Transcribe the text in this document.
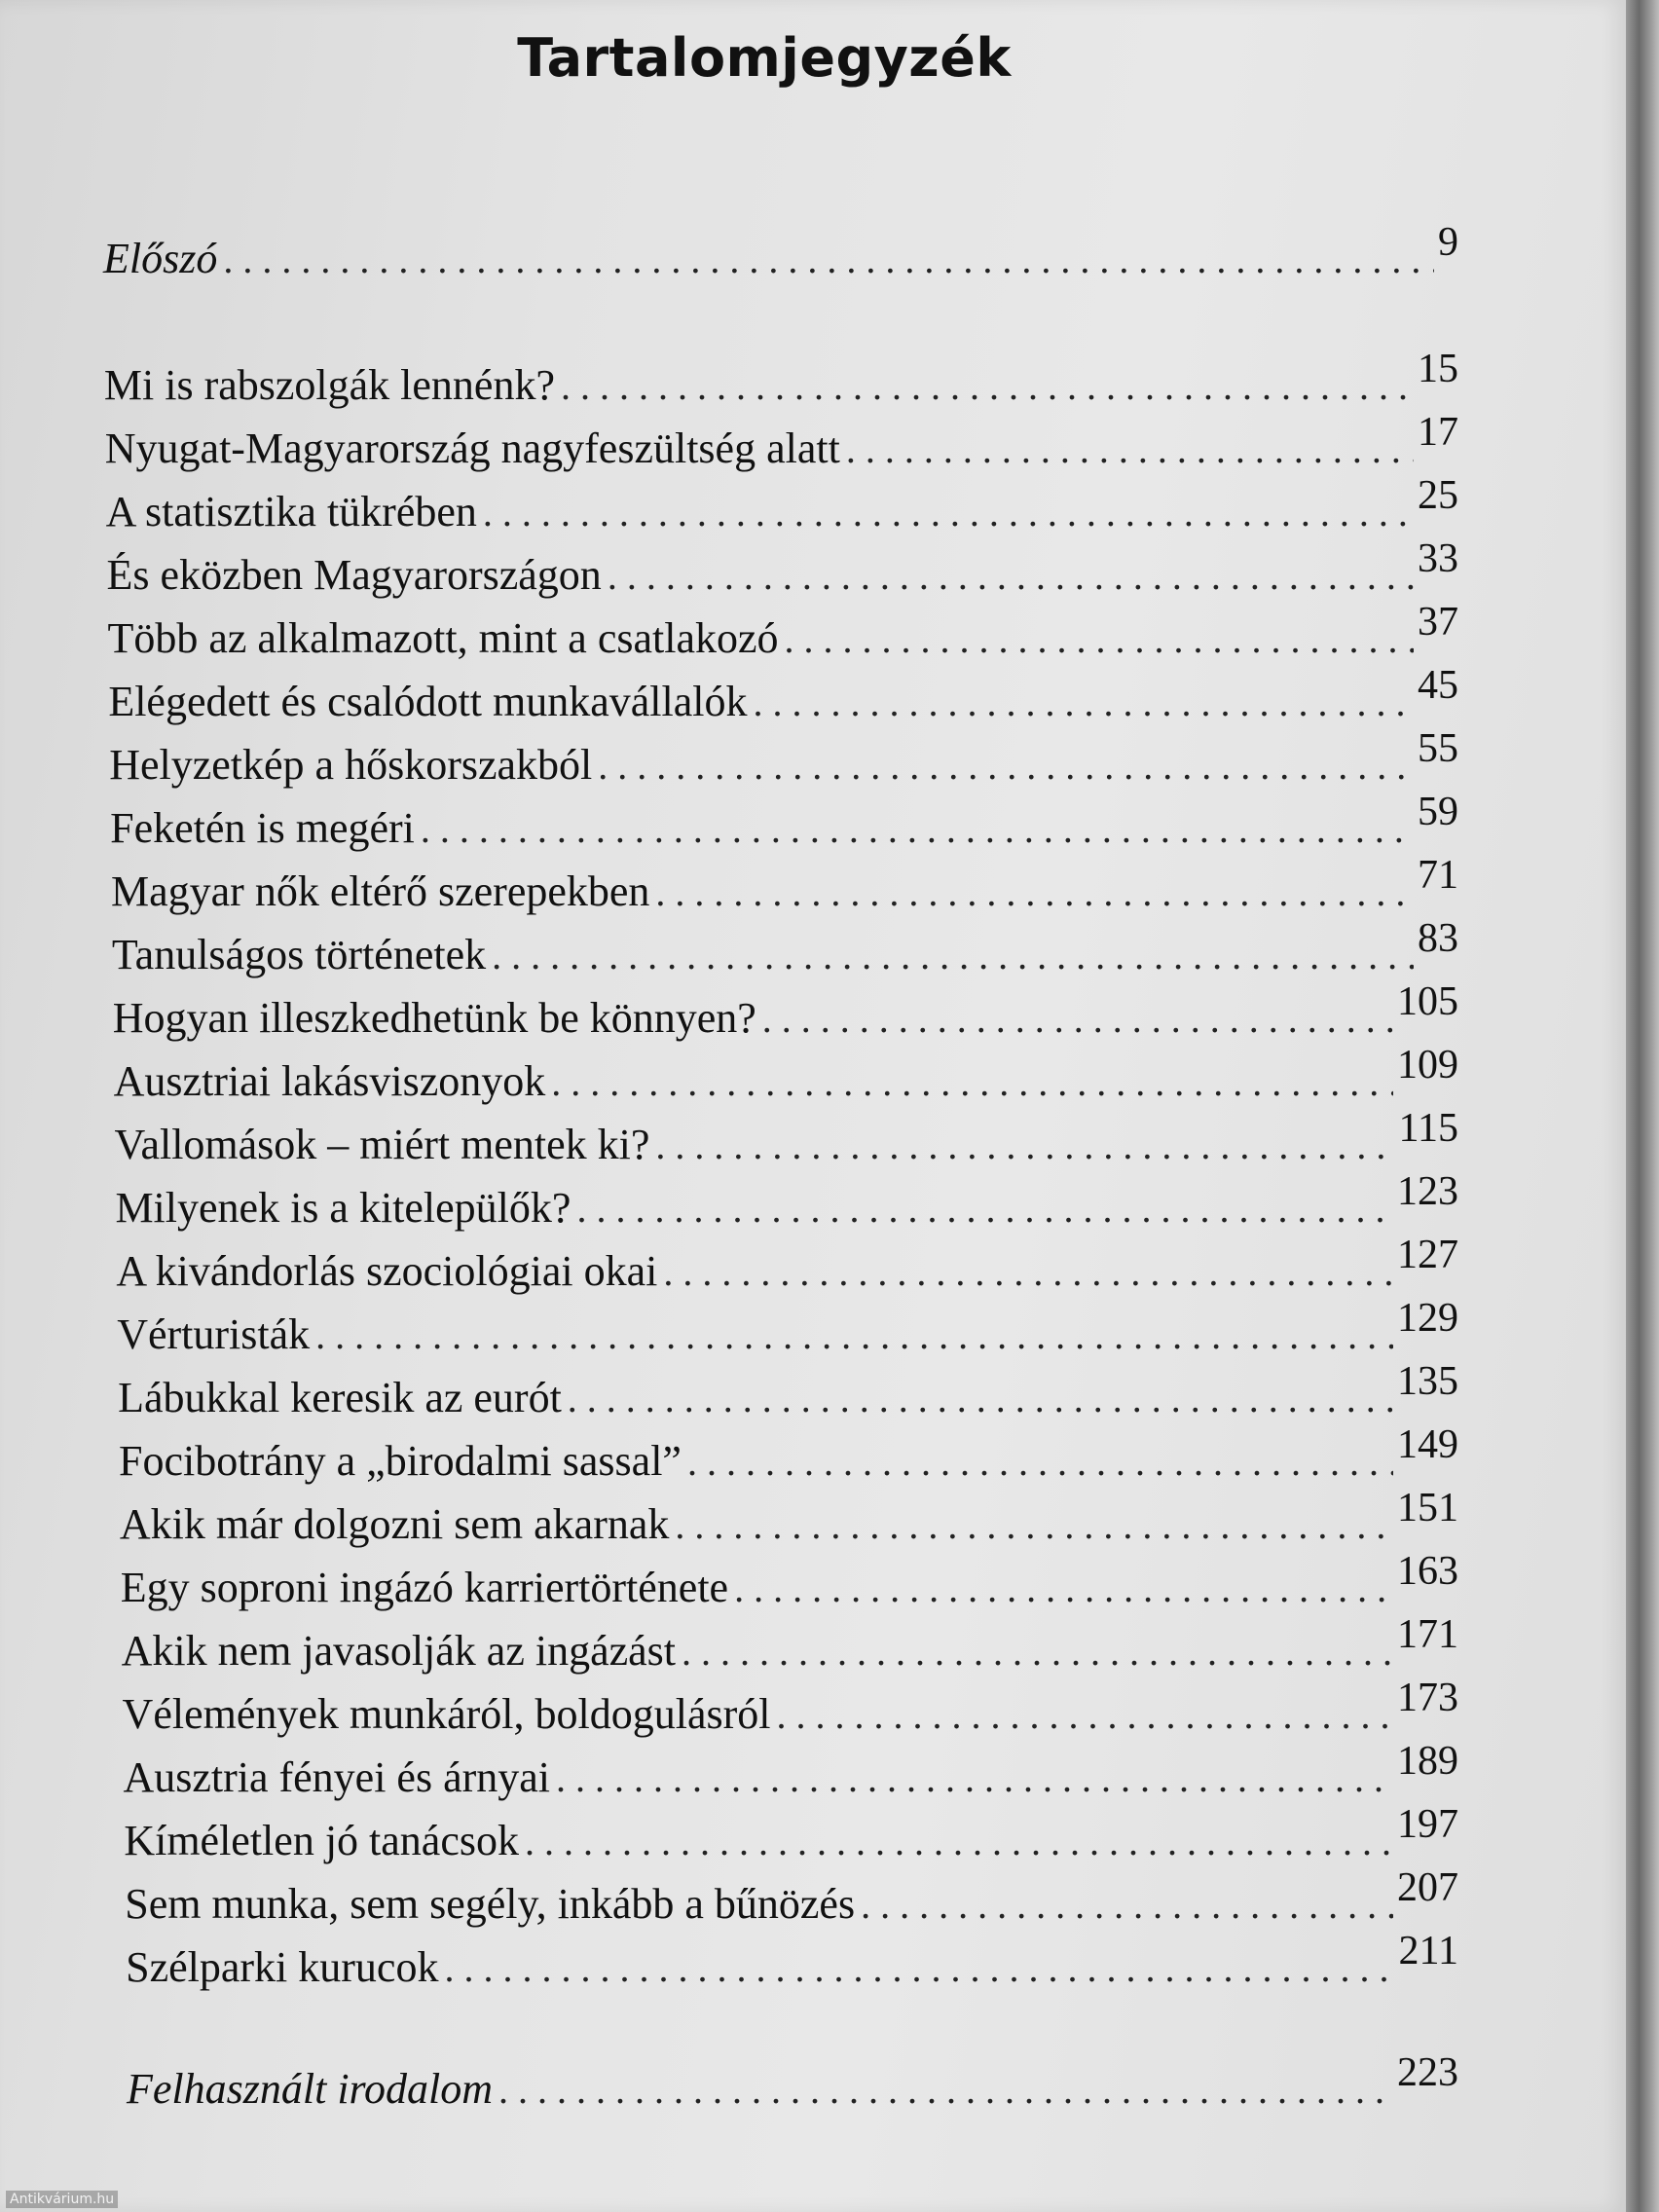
Tartalomjegyzék
Előszó . . .	9
Mi is rabszolgák lennénk? . . .	15
Nyugat-Magyarország nagyfeszültség alatt . . .	17
A statisztika tükrében . . .	25
És eközben Magyarországon . . .	33
Több az alkalmazott, mint a csatlakozó . . .	37
Elégedett és csalódott munkavállalók . . .	45
Helyzetkép a hőskorszakból . . .	55
Feketén is megéri . . .	59
Magyar nők eltérő szerepekben . . .	71
Tanulságos történetek . . .	83
Hogyan illeszkedhetünk be könnyen? . . .	105
Ausztriai lakásviszonyok . . .	109
Vallomások – miért mentek ki? . . .	115
Milyenek is a kitelepülők? . . .	123
A kivándorlás szociológiai okai . . .	127
Vérturisták . . .	129
Lábukkal keresik az eurót . . .	135
Focibotrány a „birodalmi sassal” . . .	149
Akik már dolgozni sem akarnak . . .	151
Egy soproni ingázó karriertörténete . . .	163
Akik nem javasolják az ingázást . . .	171
Vélemények munkáról, boldogulásról . . .	173
Ausztria fényei és árnyai . . .	189
Kíméletlen jó tanácsok . . .	197
Sem munka, sem segély, inkább a bűnözés . . .	207
Szélparki kurucok . . .	211
Felhasznált irodalom . . .	223
Antikvárium.hu
